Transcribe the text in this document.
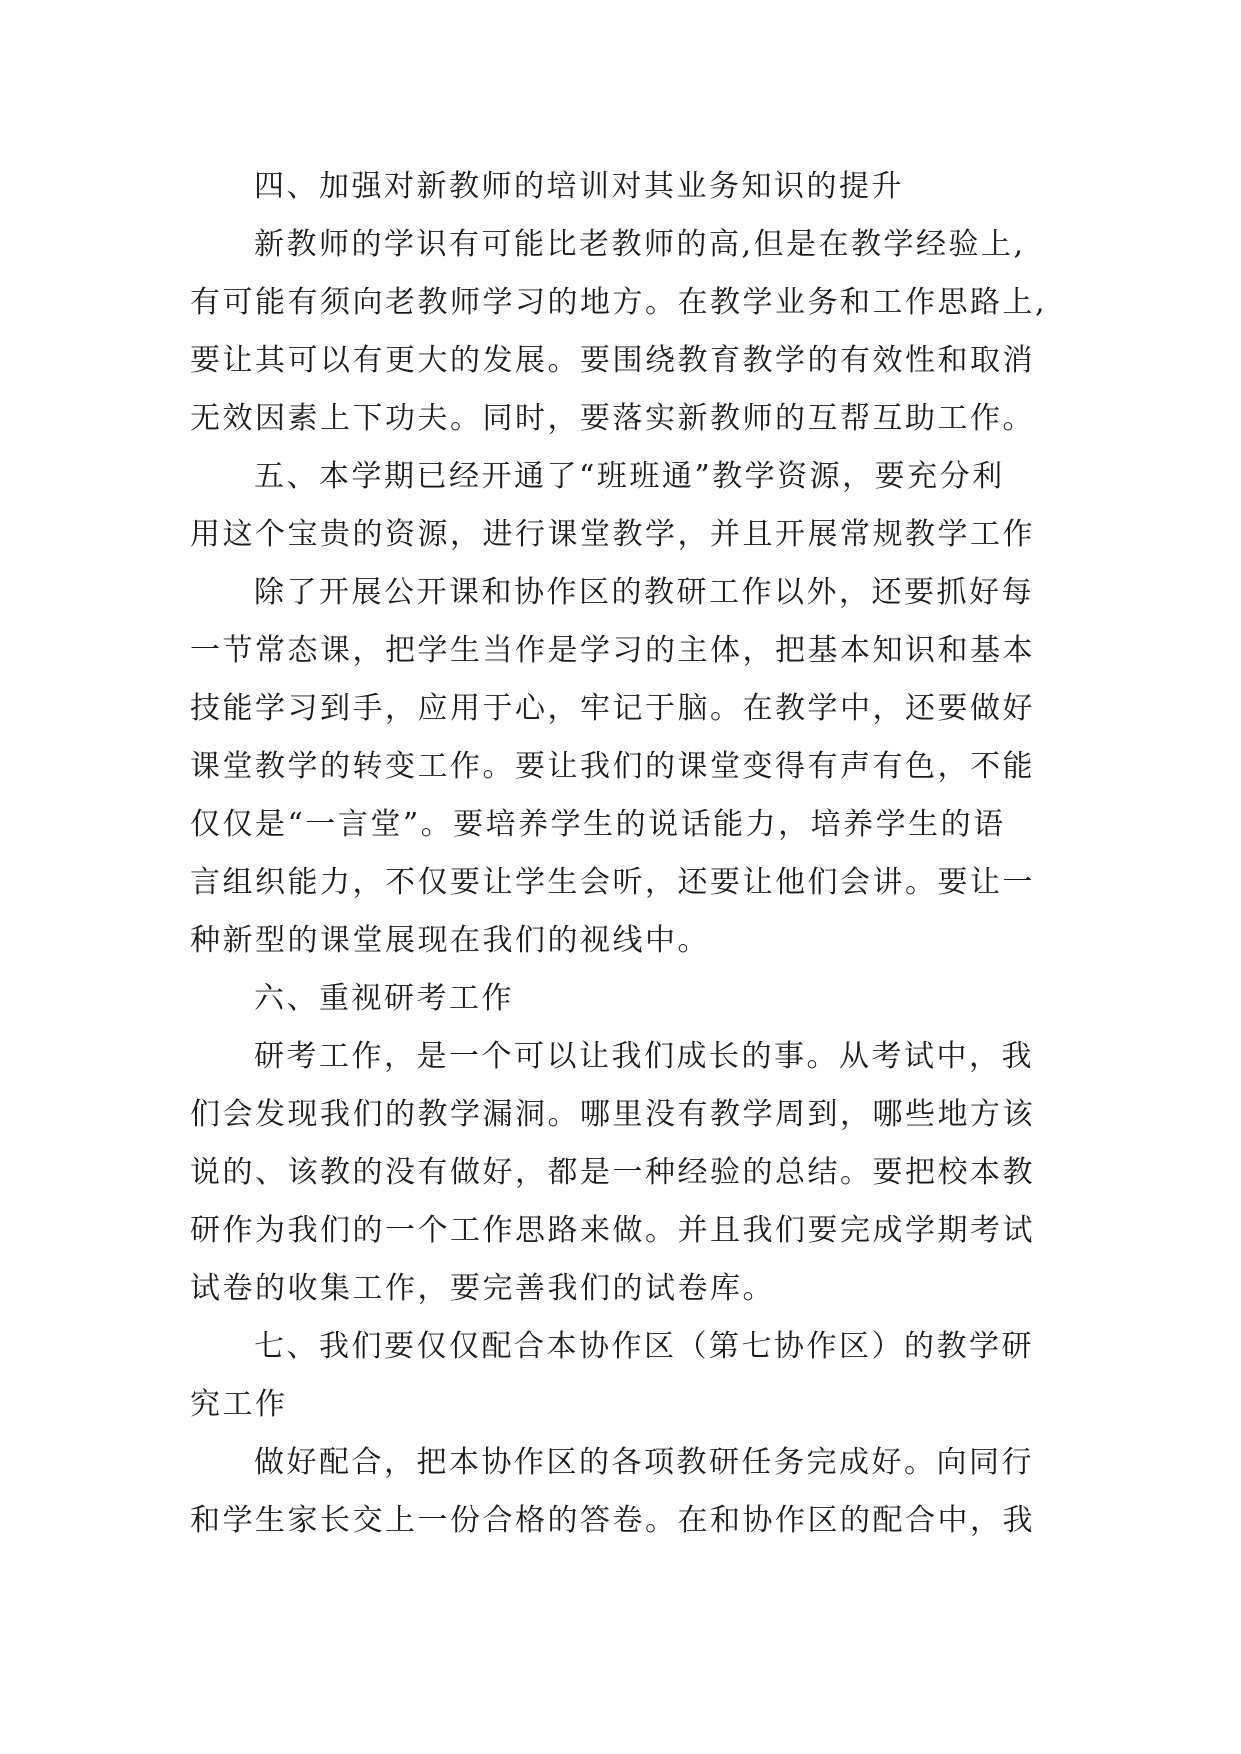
四、加强对新教师的培训对其业务知识的提升
新教师的学识有可能比老教师的高,但是在教学经验上,
有可能有须向老教师学习的地方。在教学业务和工作思路上,
要让其可以有更大的发展。要围绕教育教学的有效性和取消
无效因素上下功夫。同时，要落实新教师的互帮互助工作。
五、本学期已经开通了“班班通”教学资源，要充分利
用这个宝贵的资源，进行课堂教学，并且开展常规教学工作
除了开展公开课和协作区的教研工作以外，还要抓好每
一节常态课，把学生当作是学习的主体，把基本知识和基本
技能学习到手，应用于心，牢记于脑。在教学中，还要做好
课堂教学的转变工作。要让我们的课堂变得有声有色，不能
仅仅是“一言堂”。要培养学生的说话能力，培养学生的语
言组织能力，不仅要让学生会听，还要让他们会讲。要让一
种新型的课堂展现在我们的视线中。
六、重视研考工作
研考工作，是一个可以让我们成长的事。从考试中，我
们会发现我们的教学漏洞。哪里没有教学周到，哪些地方该
说的、该教的没有做好，都是一种经验的总结。要把校本教
研作为我们的一个工作思路来做。并且我们要完成学期考试
试卷的收集工作，要完善我们的试卷库。
七、我们要仅仅配合本协作区（第七协作区）的教学研
究工作
做好配合，把本协作区的各项教研任务完成好。向同行
和学生家长交上一份合格的答卷。在和协作区的配合中，我
